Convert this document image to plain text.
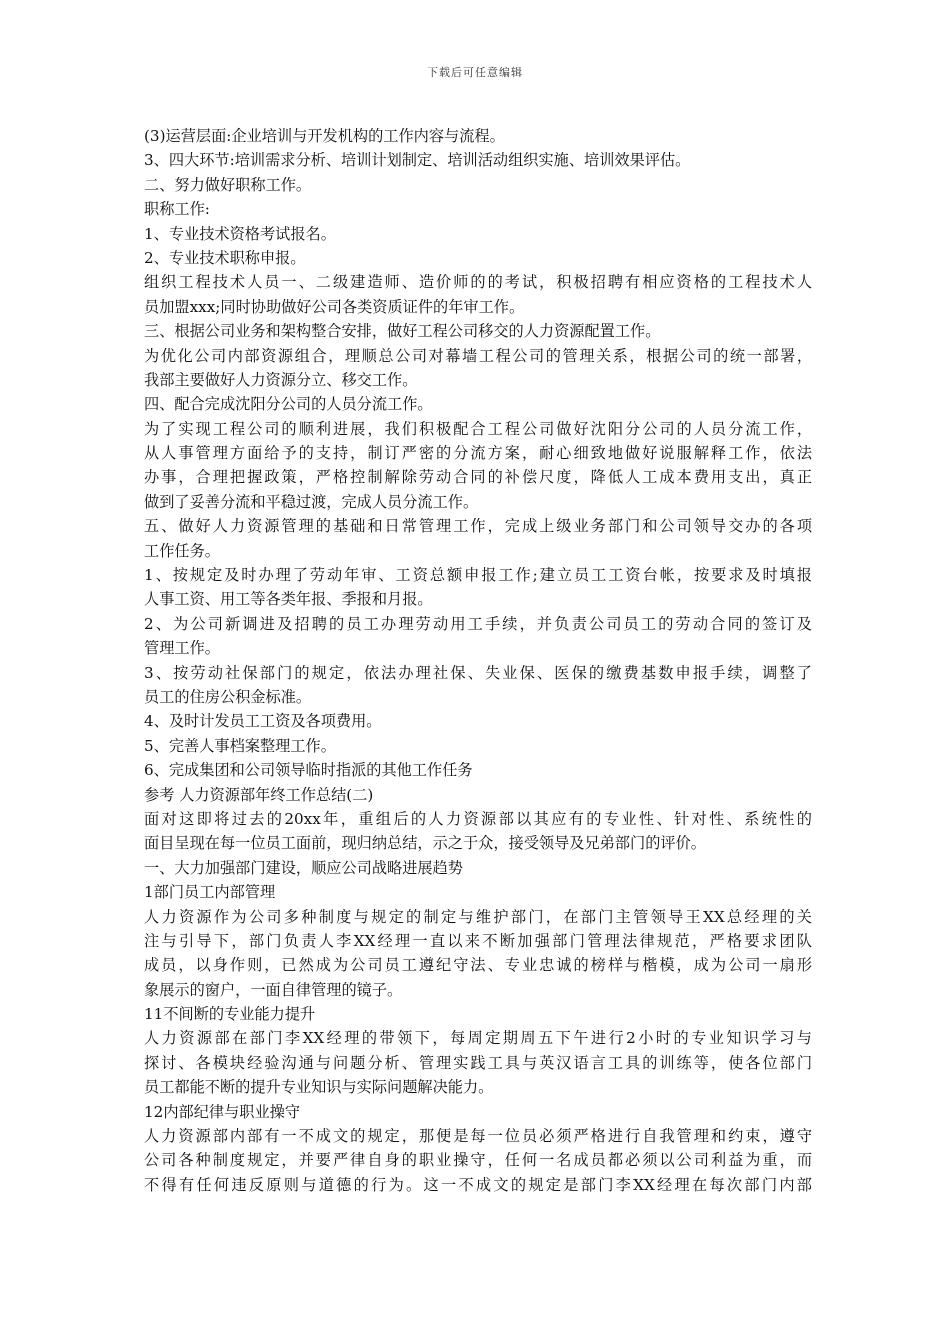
下载后可任意编辑
(3)运营层面:企业培训与开发机构的工作内容与流程。
3、四大环节:培训需求分析、培训计划制定、培训活动组织实施、培训效果评估。
二、努力做好职称工作。
职称工作:
1、专业技术资格考试报名。
2、专业技术职称申报。
组织工程技术人员一、二级建造师、造价师的的考试，积极招聘有相应资格的工程技术人
员加盟xxx;同时协助做好公司各类资质证件的年审工作。
三、根据公司业务和架构整合安排，做好工程公司移交的人力资源配置工作。
为优化公司内部资源组合，理顺总公司对幕墙工程公司的管理关系，根据公司的统一部署，
我部主要做好人力资源分立、移交工作。
四、配合完成沈阳分公司的人员分流工作。
为了实现工程公司的顺利进展，我们积极配合工程公司做好沈阳分公司的人员分流工作，
从人事管理方面给予的支持，制订严密的分流方案，耐心细致地做好说服解释工作，依法
办事，合理把握政策，严格控制解除劳动合同的补偿尺度，降低人工成本费用支出，真正
做到了妥善分流和平稳过渡，完成人员分流工作。
五、做好人力资源管理的基础和日常管理工作，完成上级业务部门和公司领导交办的各项
工作任务。
1、按规定及时办理了劳动年审、工资总额申报工作;建立员工工资台帐，按要求及时填报
人事工资、用工等各类年报、季报和月报。
2、为公司新调进及招聘的员工办理劳动用工手续，并负责公司员工的劳动合同的签订及
管理工作。
3、按劳动社保部门的规定，依法办理社保、失业保、医保的缴费基数申报手续，调整了
员工的住房公积金标准。
4、及时计发员工工资及各项费用。
5、完善人事档案整理工作。
6、完成集团和公司领导临时指派的其他工作任务
参考 人力资源部年终工作总结(二)
面对这即将过去的20xx年，重组后的人力资源部以其应有的专业性、针对性、系统性的
面目呈现在每一位员工面前，现归纳总结，示之于众，接受领导及兄弟部门的评价。
一、大力加强部门建设，顺应公司战略进展趋势
1部门员工内部管理
人力资源作为公司多种制度与规定的制定与维护部门，在部门主管领导王XX总经理的关
注与引导下，部门负责人李XX经理一直以来不断加强部门管理法律规范，严格要求团队
成员，以身作则，已然成为公司员工遵纪守法、专业忠诚的榜样与楷模，成为公司一扇形
象展示的窗户，一面自律管理的镜子。
11不间断的专业能力提升
人力资源部在部门李XX经理的带领下，每周定期周五下午进行2小时的专业知识学习与
探讨、各模块经验沟通与问题分析、管理实践工具与英汉语言工具的训练等，使各位部门
员工都能不断的提升专业知识与实际问题解决能力。
12内部纪律与职业操守
人力资源部内部有一不成文的规定，那便是每一位员必须严格进行自我管理和约束，遵守
公司各种制度规定，并要严律自身的职业操守，任何一名成员都必须以公司利益为重，而
不得有任何违反原则与道德的行为。这一不成文的规定是部门李XX经理在每次部门内部
